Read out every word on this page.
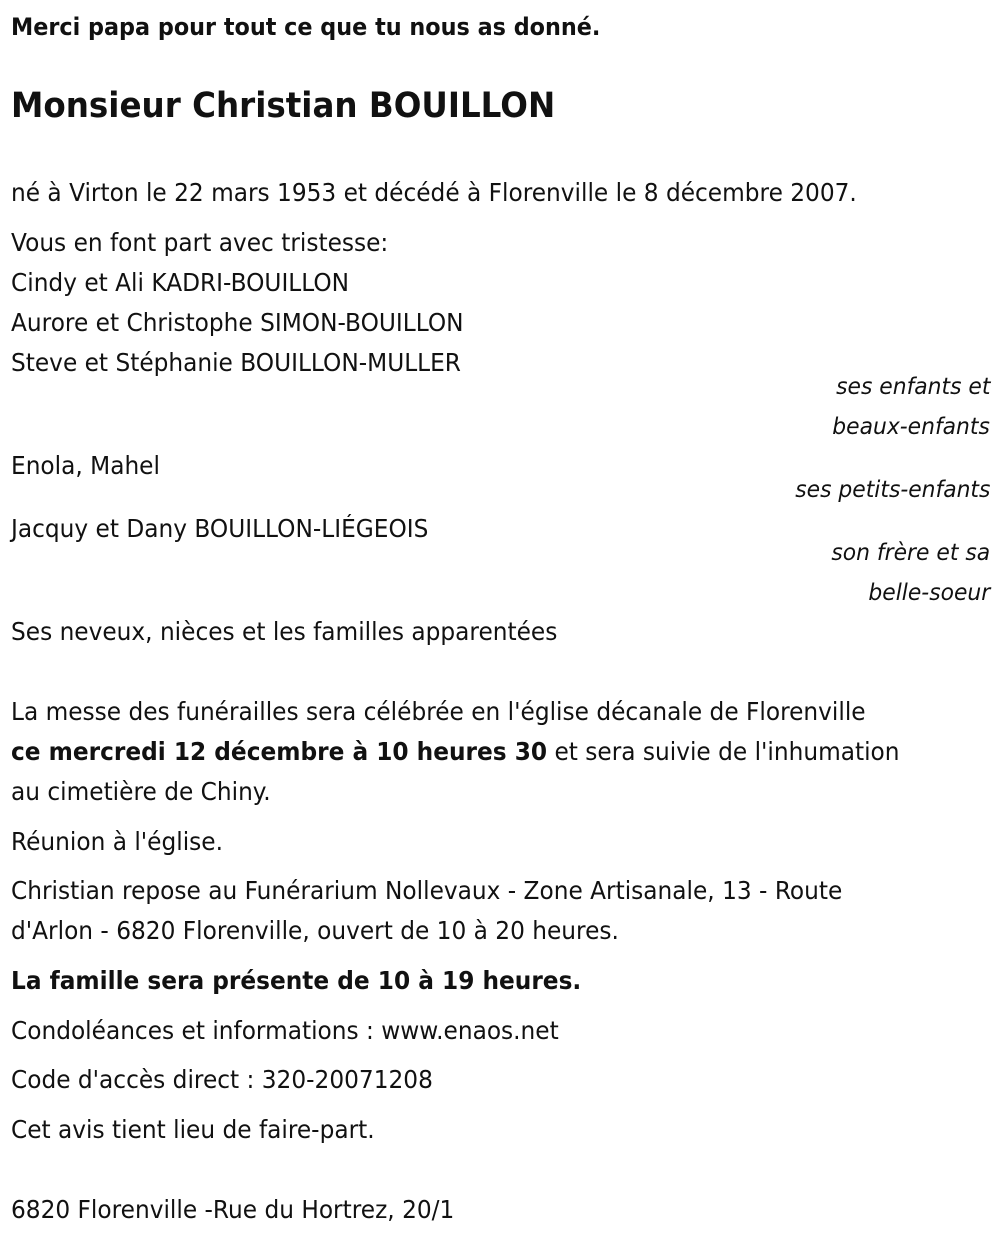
Merci papa pour tout ce que tu nous as donné.
Monsieur Christian BOUILLON
né à Virton le 22 mars 1953 et décédé à Florenville le 8 décembre 2007.
Vous en font part avec tristesse:
Cindy et Ali KADRI-BOUILLON
Aurore et Christophe SIMON-BOUILLON
Steve et Stéphanie BOUILLON-MULLER
ses enfants et
beaux-enfants
Enola, Mahel
ses petits-enfants
Jacquy et Dany BOUILLON-LIÉGEOIS
son frère et sa
belle-soeur
Ses neveux, nièces et les familles apparentées
La messe des funérailles sera célébrée en l'église décanale de Florenville
ce mercredi 12 décembre à 10 heures 30 et sera suivie de l'inhumation
au cimetière de Chiny.
Réunion à l'église.
Christian repose au Funérarium Nollevaux - Zone Artisanale, 13 - Route
d'Arlon - 6820 Florenville, ouvert de 10 à 20 heures.
La famille sera présente de 10 à 19 heures.
Condoléances et informations : www.enaos.net
Code d'accès direct : 320-20071208
Cet avis tient lieu de faire-part.
6820 Florenville -Rue du Hortrez, 20/1
